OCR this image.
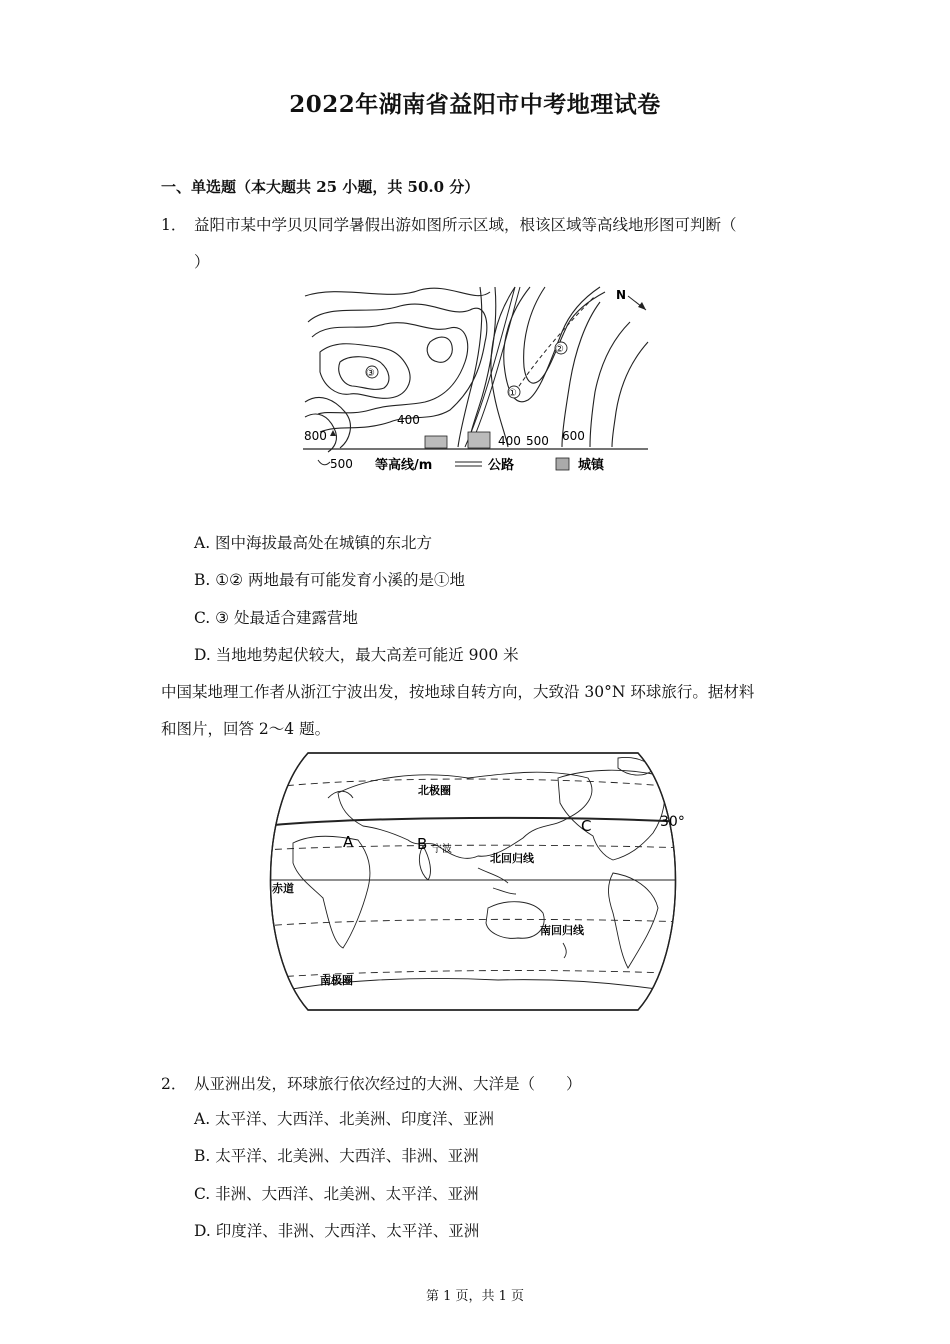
2022年湖南省益阳市中考地理试卷
一、单选题（本大题共 25 小题，共 50.0 分）
1． 益阳市某中学贝贝同学暑假出游如图所示区域，根该区域等高线地形图可判断（
）
N
③
②
①
800
400
400 500 600
500 等高线/m	公路	城镇
A. 图中海拔最高处在城镇的东北方
B. ①② 两地最有可能发育小溪的是①地
C. ③ 处最适合建露营地
D. 当地地势起伏较大，最大高差可能近 900 米
中国某地理工作者从浙江宁波出发，按地球自转方向，大致沿 30°N 环球旅行。据材料
和图片，回答 2～4 题。
北极圈
北回归线
赤道
南回归线
南极圈
30°
A	B
C
宁波
2． 从亚洲出发，环球旅行依次经过的大洲、大洋是（　　）
A. 太平洋、大西洋、北美洲、印度洋、亚洲
B. 太平洋、北美洲、大西洋、非洲、亚洲
C. 非洲、大西洋、北美洲、太平洋、亚洲
D. 印度洋、非洲、大西洋、太平洋、亚洲
第 1 页，共 1 页
